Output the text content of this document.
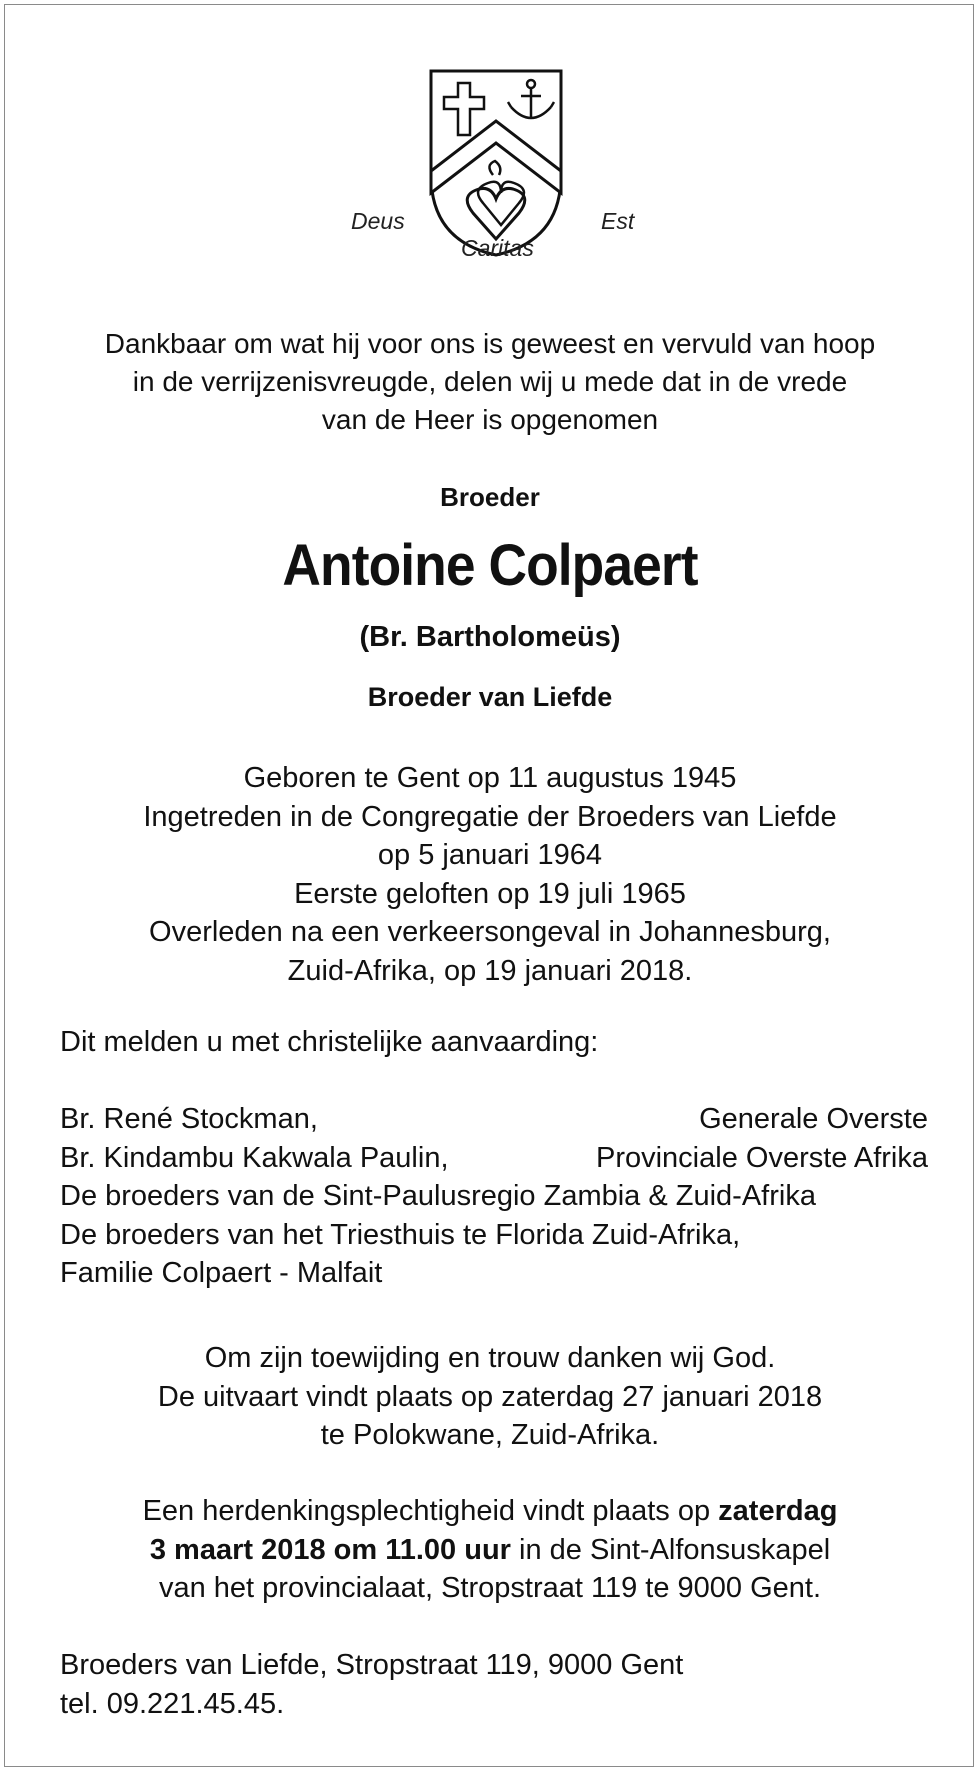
Deus	Est
Caritas
Dankbaar om wat hij voor ons is geweest en vervuld van hoop
in de verrijzenisvreugde, delen wij u mede dat in de vrede
van de Heer is opgenomen
Broeder
Antoine Colpaert
(Br. Bartholomeüs)
Broeder van Liefde
Geboren te Gent op 11 augustus 1945
Ingetreden in de Congregatie der Broeders van Liefde
op 5 januari 1964
Eerste geloften op 19 juli 1965
Overleden na een verkeersongeval in Johannesburg,
Zuid-Afrika, op 19 januari 2018.
Dit melden u met christelijke aanvaarding:
Br. René Stockman,	Generale Overste
Br. Kindambu Kakwala Paulin,	Provinciale Overste Afrika
De broeders van de Sint-Paulusregio Zambia & Zuid-Afrika
De broeders van het Triesthuis te Florida Zuid-Afrika,
Familie Colpaert - Malfait
Om zijn toewijding en trouw danken wij God.
De uitvaart vindt plaats op zaterdag 27 januari 2018
te Polokwane, Zuid-Afrika.
Een herdenkingsplechtigheid vindt plaats op zaterdag
3 maart 2018 om 11.00 uur in de Sint-Alfonsuskapel
van het provincialaat, Stropstraat 119 te 9000 Gent.
Broeders van Liefde, Stropstraat 119, 9000 Gent
tel. 09.221.45.45.
